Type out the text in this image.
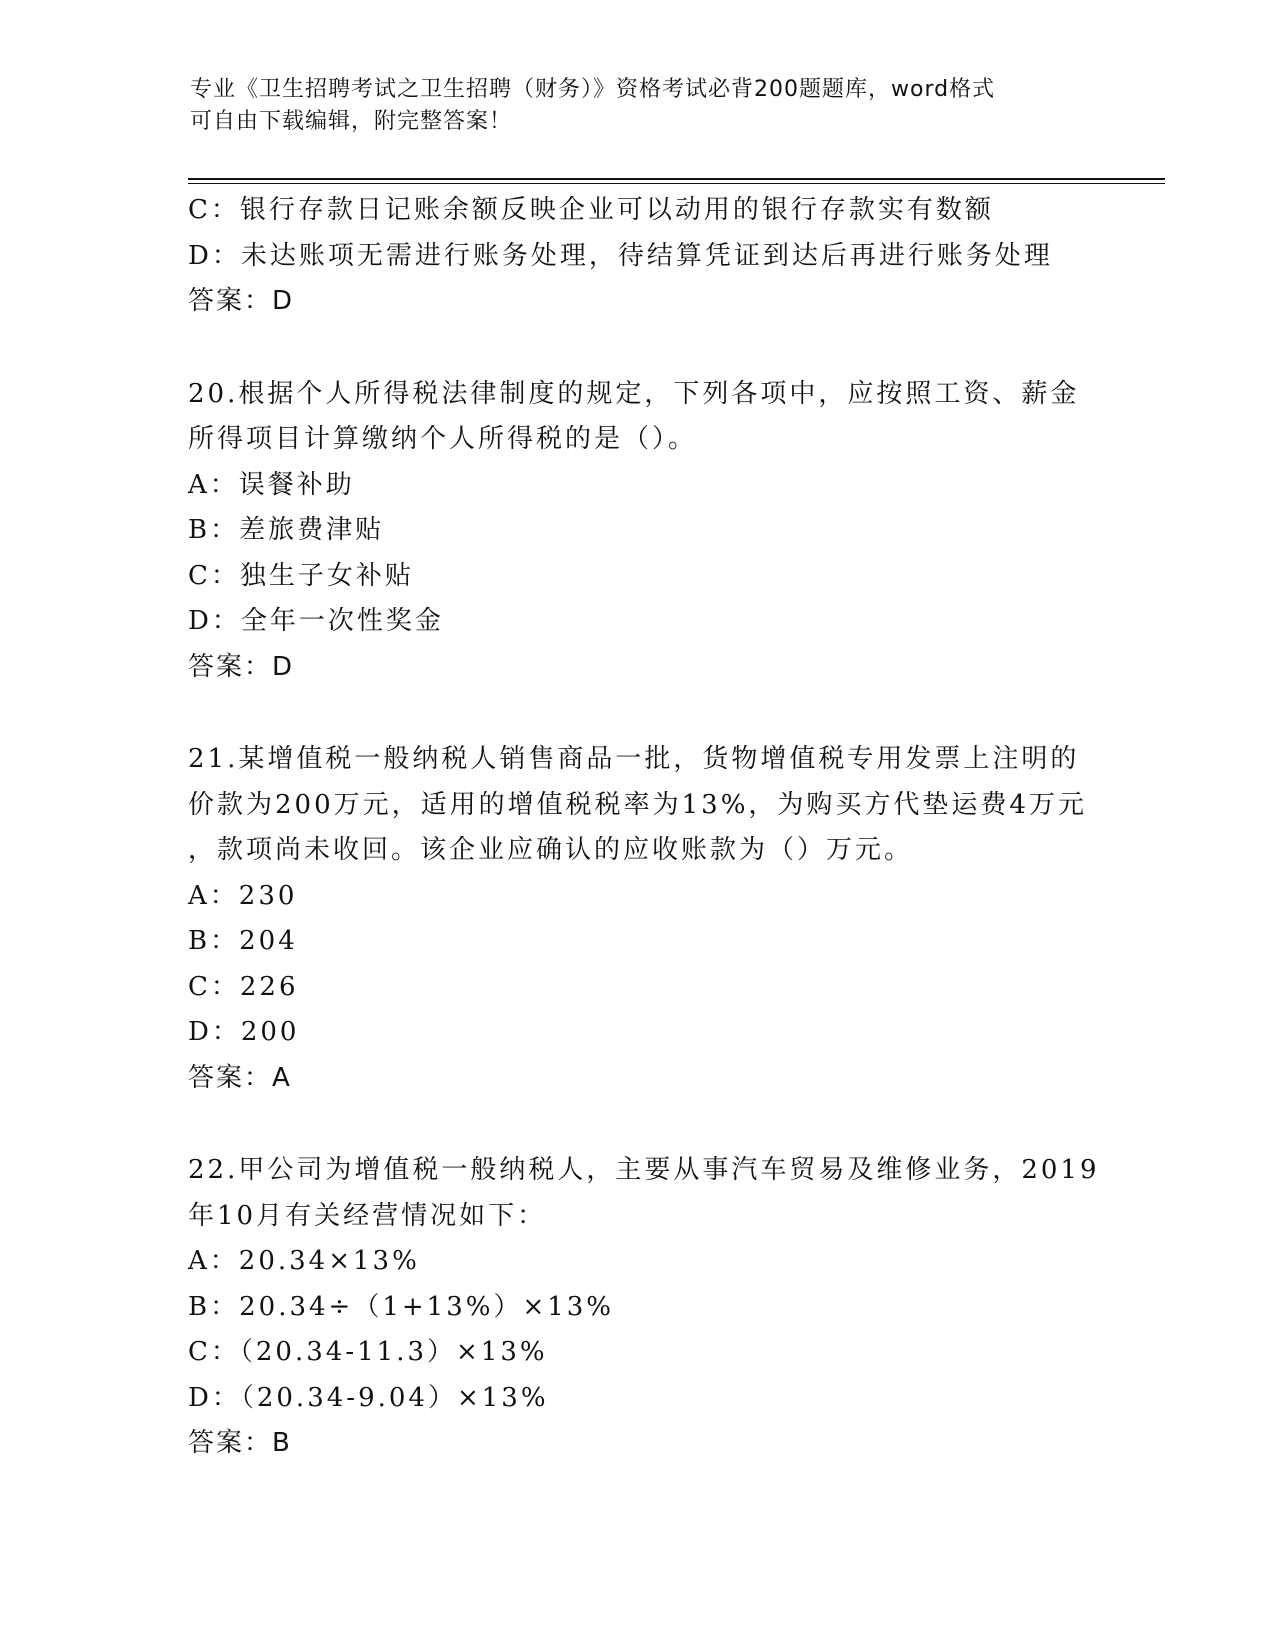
专业《卫生招聘考试之卫生招聘（财务）》资格考试必背200题题库，word格式
可自由下载编辑，附完整答案！
C：银行存款日记账余额反映企业可以动用的银行存款实有数额
D：未达账项无需进行账务处理，待结算凭证到达后再进行账务处理
答案：D
20.根据个人所得税法律制度的规定，下列各项中，应按照工资、薪金
所得项目计算缴纳个人所得税的是（）。
A：误餐补助
B：差旅费津贴
C：独生子女补贴
D：全年一次性奖金
答案：D
21.某增值税一般纳税人销售商品一批，货物增值税专用发票上注明的
价款为200万元，适用的增值税税率为13%，为购买方代垫运费4万元
，款项尚未收回。该企业应确认的应收账款为（）万元。
A：230
B：204
C：226
D：200
答案：A
22.甲公司为增值税一般纳税人，主要从事汽车贸易及维修业务，2019
年10月有关经营情况如下：
A：20.34×13%
B：20.34÷（1+13%）×13%
C：（20.34-11.3）×13%
D：（20.34-9.04）×13%
答案：B
